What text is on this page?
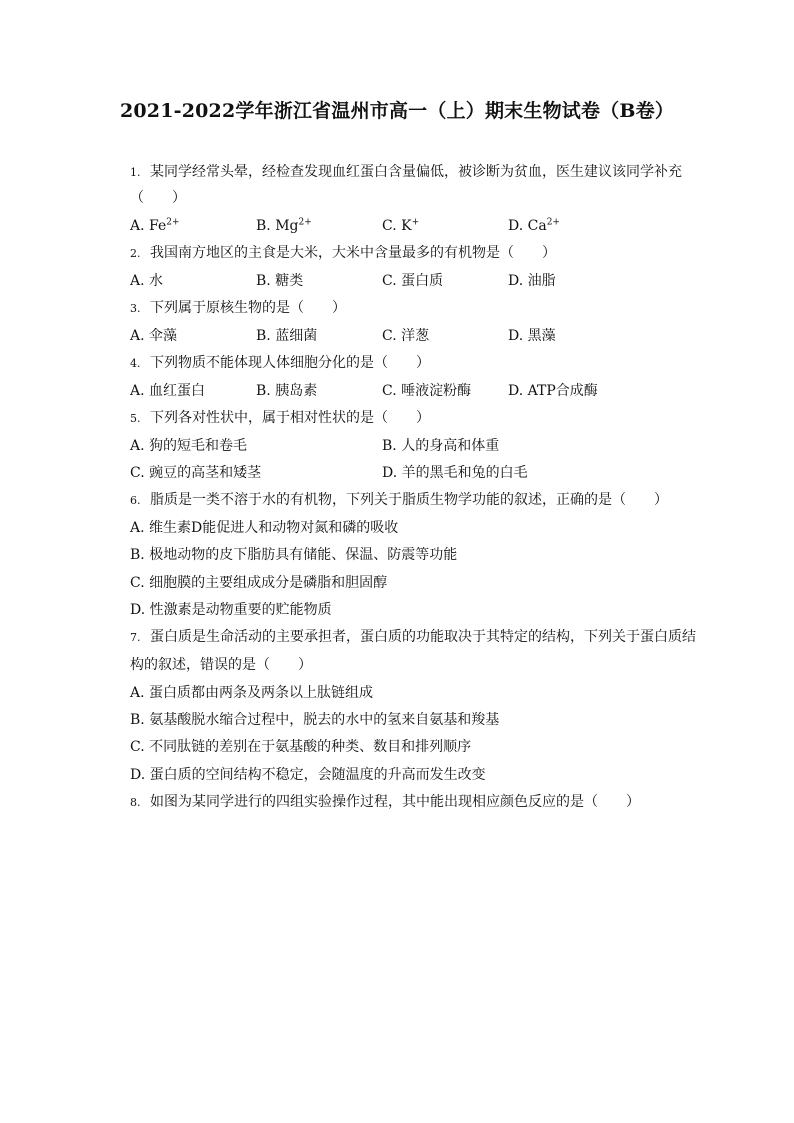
2021-2022学年浙江省温州市高一（上）期末生物试卷（B卷）
1. 某同学经常头晕，经检查发现血红蛋白含量偏低，被诊断为贫血，医生建议该同学补充
（　　）
A. $Fe^{2+}$	B. $Mg^{2+}$	C. K+	D. $Ca^{2+}$
2. 我国南方地区的主食是大米，大米中含量最多的有机物是（　　）
A. 水	B. 糖类	C. 蛋白质	D. 油脂
3. 下列属于原核生物的是（　　）
A. 伞藻	B. 蓝细菌	C. 洋葱	D. 黑藻
4. 下列物质不能体现人体细胞分化的是（　　）
A. 血红蛋白	B. 胰岛素	C. 唾液淀粉酶	D. ATP合成酶
5. 下列各对性状中，属于相对性状的是（　　）
A. 狗的短毛和卷毛	B. 人的身高和体重
C. 豌豆的高茎和矮茎	D. 羊的黑毛和兔的白毛
6. 脂质是一类不溶于水的有机物，下列关于脂质生物学功能的叙述，正确的是（　　）
A. 维生素D能促进人和动物对氮和磷的吸收
B. 极地动物的皮下脂肪具有储能、保温、防震等功能
C. 细胞膜的主要组成成分是磷脂和胆固醇
D. 性激素是动物重要的贮能物质
7. 蛋白质是生命活动的主要承担者，蛋白质的功能取决于其特定的结构，下列关于蛋白质结
构的叙述，错误的是（　　）
A. 蛋白质都由两条及两条以上肽链组成
B. 氨基酸脱水缩合过程中，脱去的水中的氢来自氨基和羧基
C. 不同肽链的差别在于氨基酸的种类、数目和排列顺序
D. 蛋白质的空间结构不稳定，会随温度的升高而发生改变
8. 如图为某同学进行的四组实验操作过程，其中能出现相应颜色反应的是（　　）
